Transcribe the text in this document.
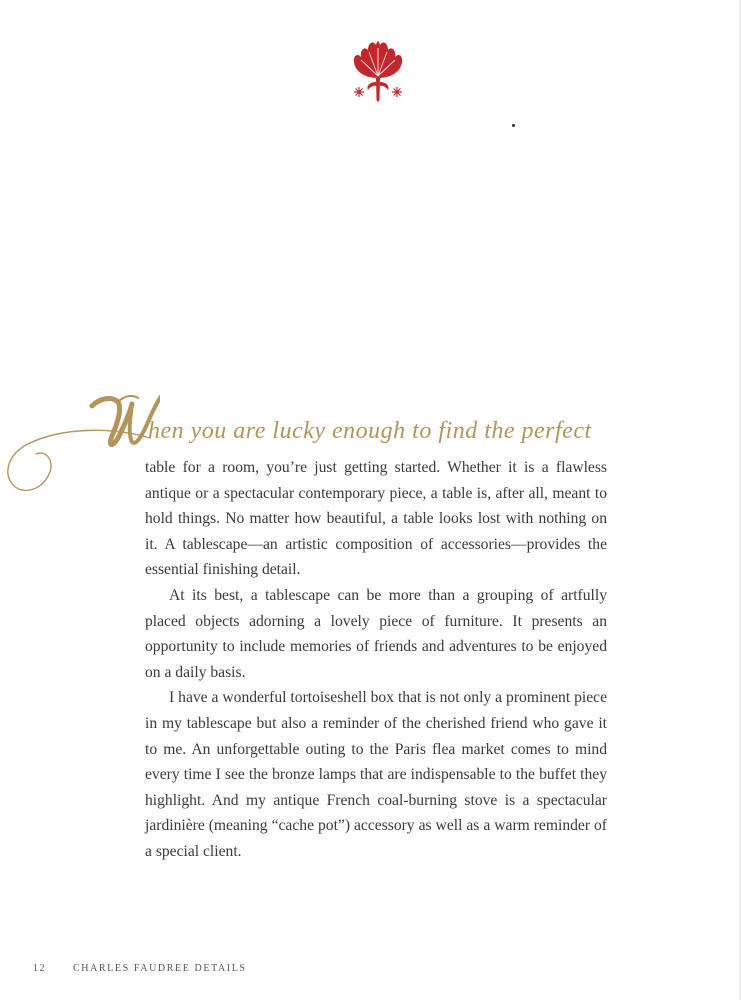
hen you are lucky enough to find the perfect

table for a room, you’re just getting started. Whether it is a flawless antique or a spectacular contemporary piece, a table is, after all, meant to hold things. No matter how beautiful, a table looks lost with nothing on it. A tablescape—an artistic composition of accessories—provides the essential finishing detail.

At its best, a tablescape can be more than a grouping of artfully placed objects adorning a lovely piece of furniture. It presents an opportunity to include memories of friends and adventures to be enjoyed on a daily basis.

I have a wonderful tortoiseshell box that is not only a prominent piece in my tablescape but also a reminder of the cherished friend who gave it to me. An unforgettable outing to the Paris flea market comes to mind every time I see the bronze lamps that are indispensable to the buffet they highlight. And my antique French coal-burning stove is a spectacular jardinière (meaning “cache pot”) accessory as well as a warm reminder of a special client.

12	CHARLES FAUDREE DETAILS
